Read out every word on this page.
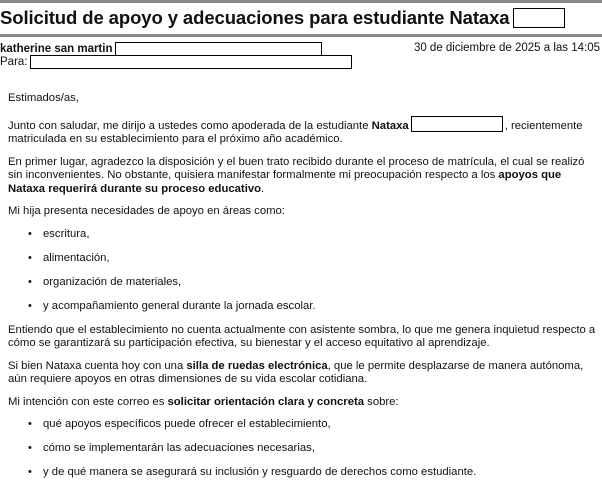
Solicitud de apoyo y adecuaciones para estudiante Nataxa
katherine san martin	30 de diciembre de 2025 a las 14:05
Para:

Estimados/as,

Junto con saludar, me dirijo a ustedes como apoderada de la estudiante Nataxa	, recientemente matriculada en su establecimiento para el próximo año académico.

En primer lugar, agradezco la disposición y el buen trato recibido durante el proceso de matrícula, el cual se realizó sin inconvenientes. No obstante, quisiera manifestar formalmente mi preocupación respecto a los apoyos que Nataxa requerirá durante su proceso educativo.

Mi hija presenta necesidades de apoyo en áreas como:

• escritura,
• alimentación,
• organización de materiales,
• y acompañamiento general durante la jornada escolar.

Entiendo que el establecimiento no cuenta actualmente con asistente sombra, lo que me genera inquietud respecto a cómo se garantizará su participación efectiva, su bienestar y el acceso equitativo al aprendizaje.

Si bien Nataxa cuenta hoy con una silla de ruedas electrónica, que le permite desplazarse de manera autónoma, aún requiere apoyos en otras dimensiones de su vida escolar cotidiana.

Mi intención con este correo es solicitar orientación clara y concreta sobre:

• qué apoyos específicos puede ofrecer el establecimiento,
• cómo se implementarán las adecuaciones necesarias,
• y de qué manera se asegurará su inclusión y resguardo de derechos como estudiante.
